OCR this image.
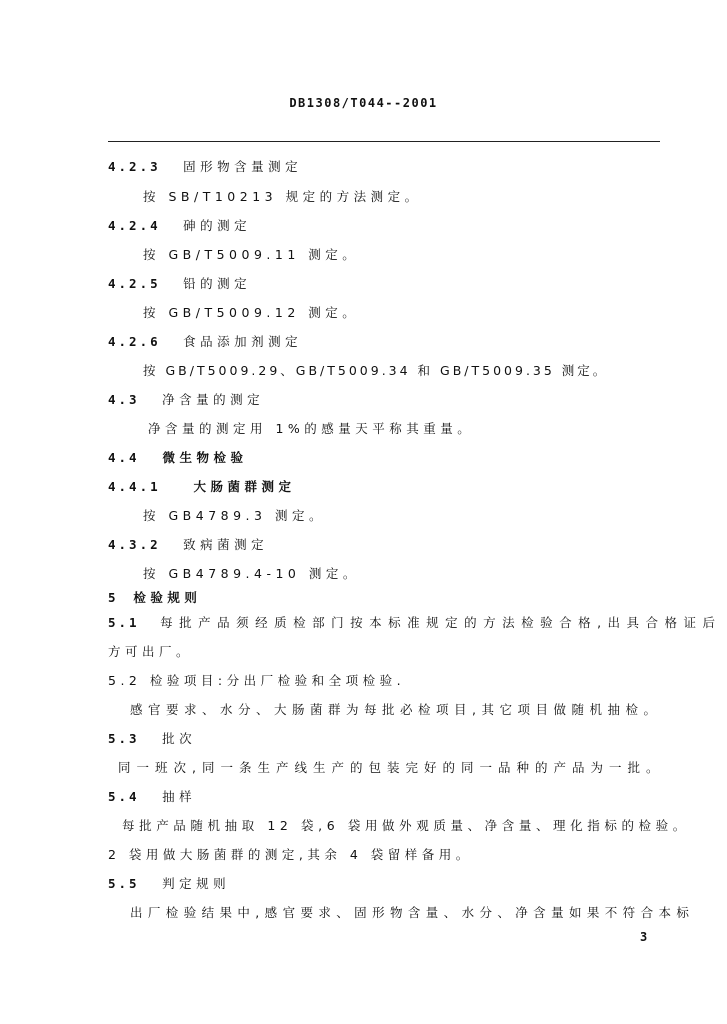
DB1308/T044--2001
4.2.3 固形物含量测定
按 SB/T10213 规定的方法测定。
4.2.4 砷的测定
按 GB/T5009.11 测定。
4.2.5 铅的测定
按 GB/T5009.12 测定。
4.2.6 食品添加剂测定
按 GB/T5009.29、GB/T5009.34 和 GB/T5009.35 测定。
4.3 净含量的测定
净含量的测定用 1%的感量天平称其重量。
4.4 微生物检验
4.4.1	大肠菌群测定
按 GB4789.3 测定。
4.3.2 致病菌测定
按 GB4789.4-10 测定。
5 检验规则
5.1 每批产品须经质检部门按本标准规定的方法检验合格,出具合格证后
方可出厂。
5.2 检验项目:分出厂检验和全项检验.
感官要求、水分、大肠菌群为每批必检项目,其它项目做随机抽检。
5.3 批次
同一班次,同一条生产线生产的包装完好的同一品种的产品为一批。
5.4 抽样
每批产品随机抽取 12 袋,6 袋用做外观质量、净含量、理化指标的检验。
2 袋用做大肠菌群的测定,其余 4 袋留样备用。
5.5 判定规则
出厂检验结果中,感官要求、固形物含量、水分、净含量如果不符合本标
3
